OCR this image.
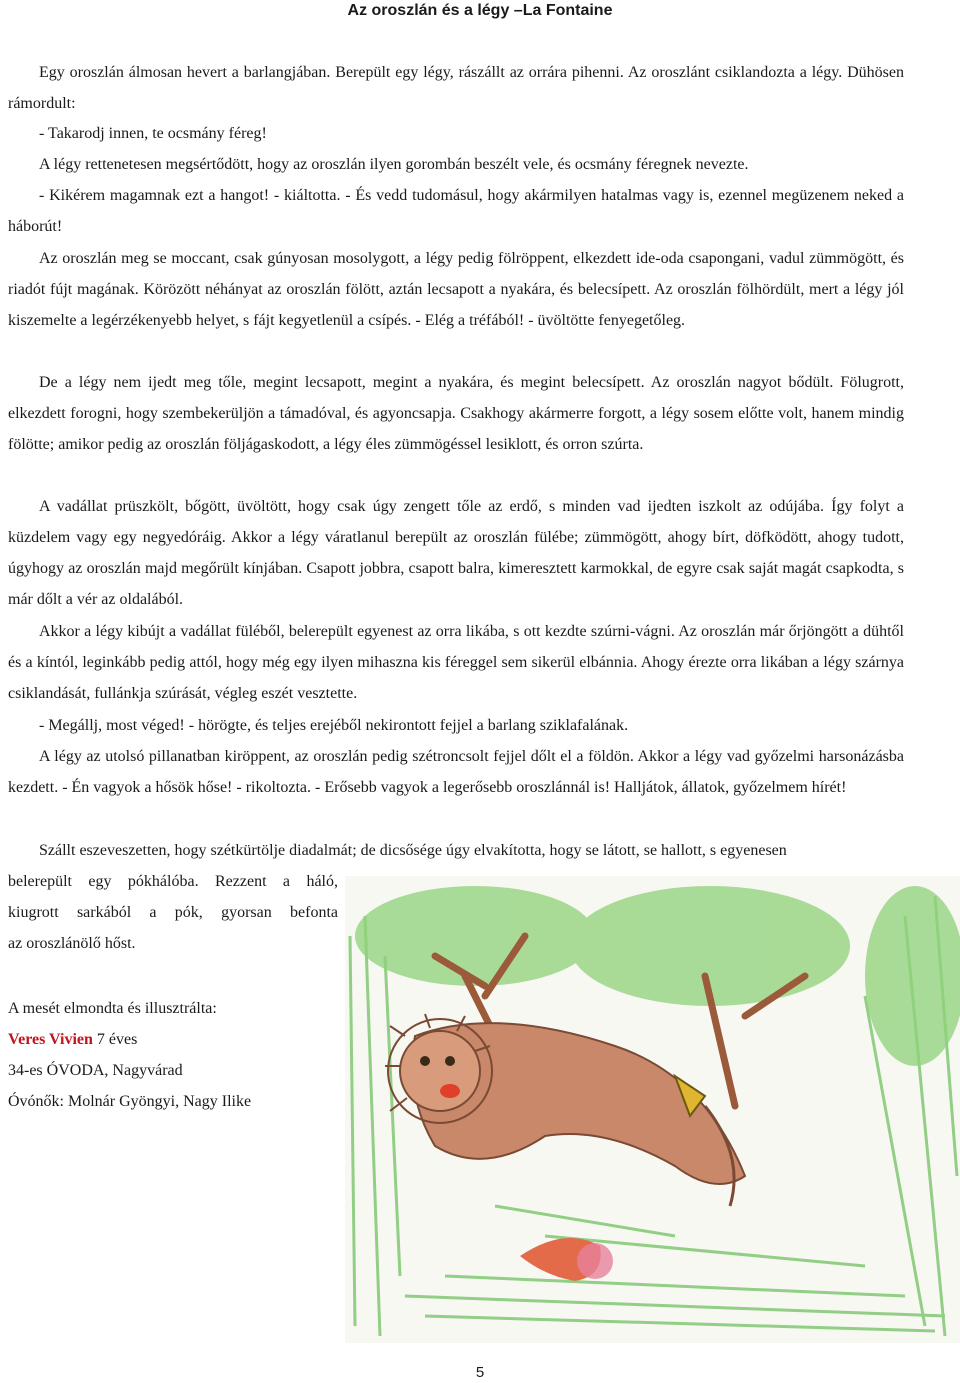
Az oroszlán és a légy –La Fontaine

Egy oroszlán álmosan hevert a barlangjában. Berepült egy légy, rászállt az orrára pihenni. Az oroszlánt csiklandozta a légy. Dühösen rámordult:

- Takarodj innen, te ocsmány féreg!

A légy rettenetesen megsértődött, hogy az oroszlán ilyen gorombán beszélt vele, és ocsmány féregnek nevezte.

- Kikérem magamnak ezt a hangot! - kiáltotta. - És vedd tudomásul, hogy akármilyen hatalmas vagy is, ezennel megüzenem neked a háborút!

Az oroszlán meg se moccant, csak gúnyosan mosolygott, a légy pedig fölröppent, elkezdett ide-oda csapongani, vadul zümmögött, és riadót fújt magának. Körözött néhányat az oroszlán fölött, aztán lecsapott a nyakára, és belecsípett. Az oroszlán fölhördült, mert a légy jól kiszemelte a legérzékenyebb helyet, s fájt kegyetlenül a csípés. - Elég a tréfából! - üvöltötte fenyegetőleg.

De a légy nem ijedt meg tőle, megint lecsapott, megint a nyakára, és megint belecsípett. Az oroszlán nagyot bődült. Fölugrott, elkezdett forogni, hogy szembekerüljön a támadóval, és agyoncsapja. Csakhogy akármerre forgott, a légy sosem előtte volt, hanem mindig fölötte; amikor pedig az oroszlán följágaskodott, a légy éles zümmögéssel lesiklott, és orron szúrta.

A vadállat prüszkölt, bőgött, üvöltött, hogy csak úgy zengett tőle az erdő, s minden vad ijedten iszkolt az odújába. Így folyt a küzdelem vagy egy negyedóráig. Akkor a légy váratlanul berepült az oroszlán fülébe; zümmögött, ahogy bírt, döfködött, ahogy tudott, úgyhogy az oroszlán majd megőrült kínjában. Csapott jobbra, csapott balra, kimeresztett karmokkal, de egyre csak saját magát csapkodta, s már dőlt a vér az oldalából.

Akkor a légy kibújt a vadállat füléből, belerepült egyenest az orra likába, s ott kezdte szúrni-vágni. Az oroszlán már őrjöngött a dühtől és a kíntól, leginkább pedig attól, hogy még egy ilyen mihaszna kis féreggel sem sikerül elbánnia. Ahogy érezte orra likában a légy szárnya csiklandását, fullánkja szúrását, végleg eszét vesztette.

- Megállj, most véged! - hörögte, és teljes erejéből nekirontott fejjel a barlang sziklafalának.

A légy az utolsó pillanatban kiröppent, az oroszlán pedig szétroncsolt fejjel dőlt el a földön. Akkor a légy vad győzelmi harsonázásba kezdett. - Én vagyok a hősök hőse! - rikoltozta. - Erősebb vagyok a legerősebb oroszlánnál is! Halljátok, állatok, győzelmem hírét!

Szállt eszeveszetten, hogy szétkürtölje diadalmát; de dicsősége úgy elvakította, hogy se látott, se hallott, s egyenesen

belerepült egy pókhálóba. Rezzent a háló,
kiugrott sarkából a pók, gyorsan befonta
az oroszlánölő hőst.
A mesét elmondta és illusztrálta:
Veres Vivien 7 éves
34-es ÓVODA, Nagyvárad
Óvónők: Molnár Gyöngyi, Nagy Ilike
5
